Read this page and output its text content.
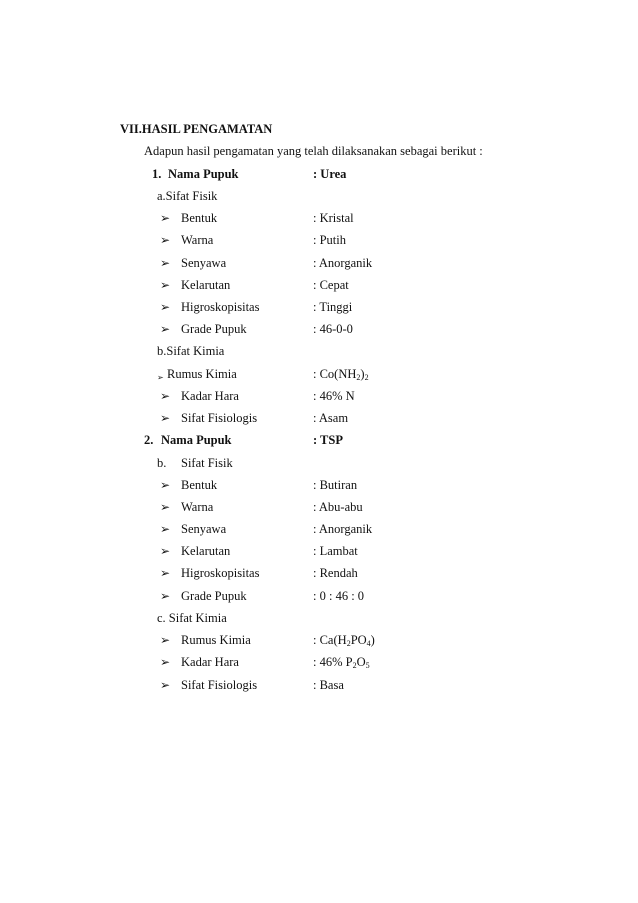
VII.HASIL PENGAMATAN
Adapun hasil pengamatan yang telah dilaksanakan sebagai berikut :
1. Nama Pupuk	: Urea
a.Sifat Fisik
➢ Bentuk	: Kristal
➢ Warna	: Putih
➢ Senyawa	: Anorganik
➢ Kelarutan	: Cepat
➢ Higroskopisitas	: Tinggi
➢ Grade Pupuk	: 46-0-0
b.Sifat Kimia
➢ Rumus Kimia	: $Co(NH_2)_2$
➢ Kadar Hara	: 46% N
➢ Sifat Fisiologis	: Asam
2. Nama Pupuk	: TSP
b. Sifat Fisik
➢ Bentuk	: Butiran
➢ Warna	: Abu-abu
➢ Senyawa	: Anorganik
➢ Kelarutan	: Lambat
➢ Higroskopisitas	: Rendah
➢ Grade Pupuk	: 0 : 46 : 0
c. Sifat Kimia
➢ Rumus Kimia	: $Ca(H_2PO_4)$
➢ Kadar Hara	: 46% $P_2O_5$
➢ Sifat Fisiologis	: Basa
